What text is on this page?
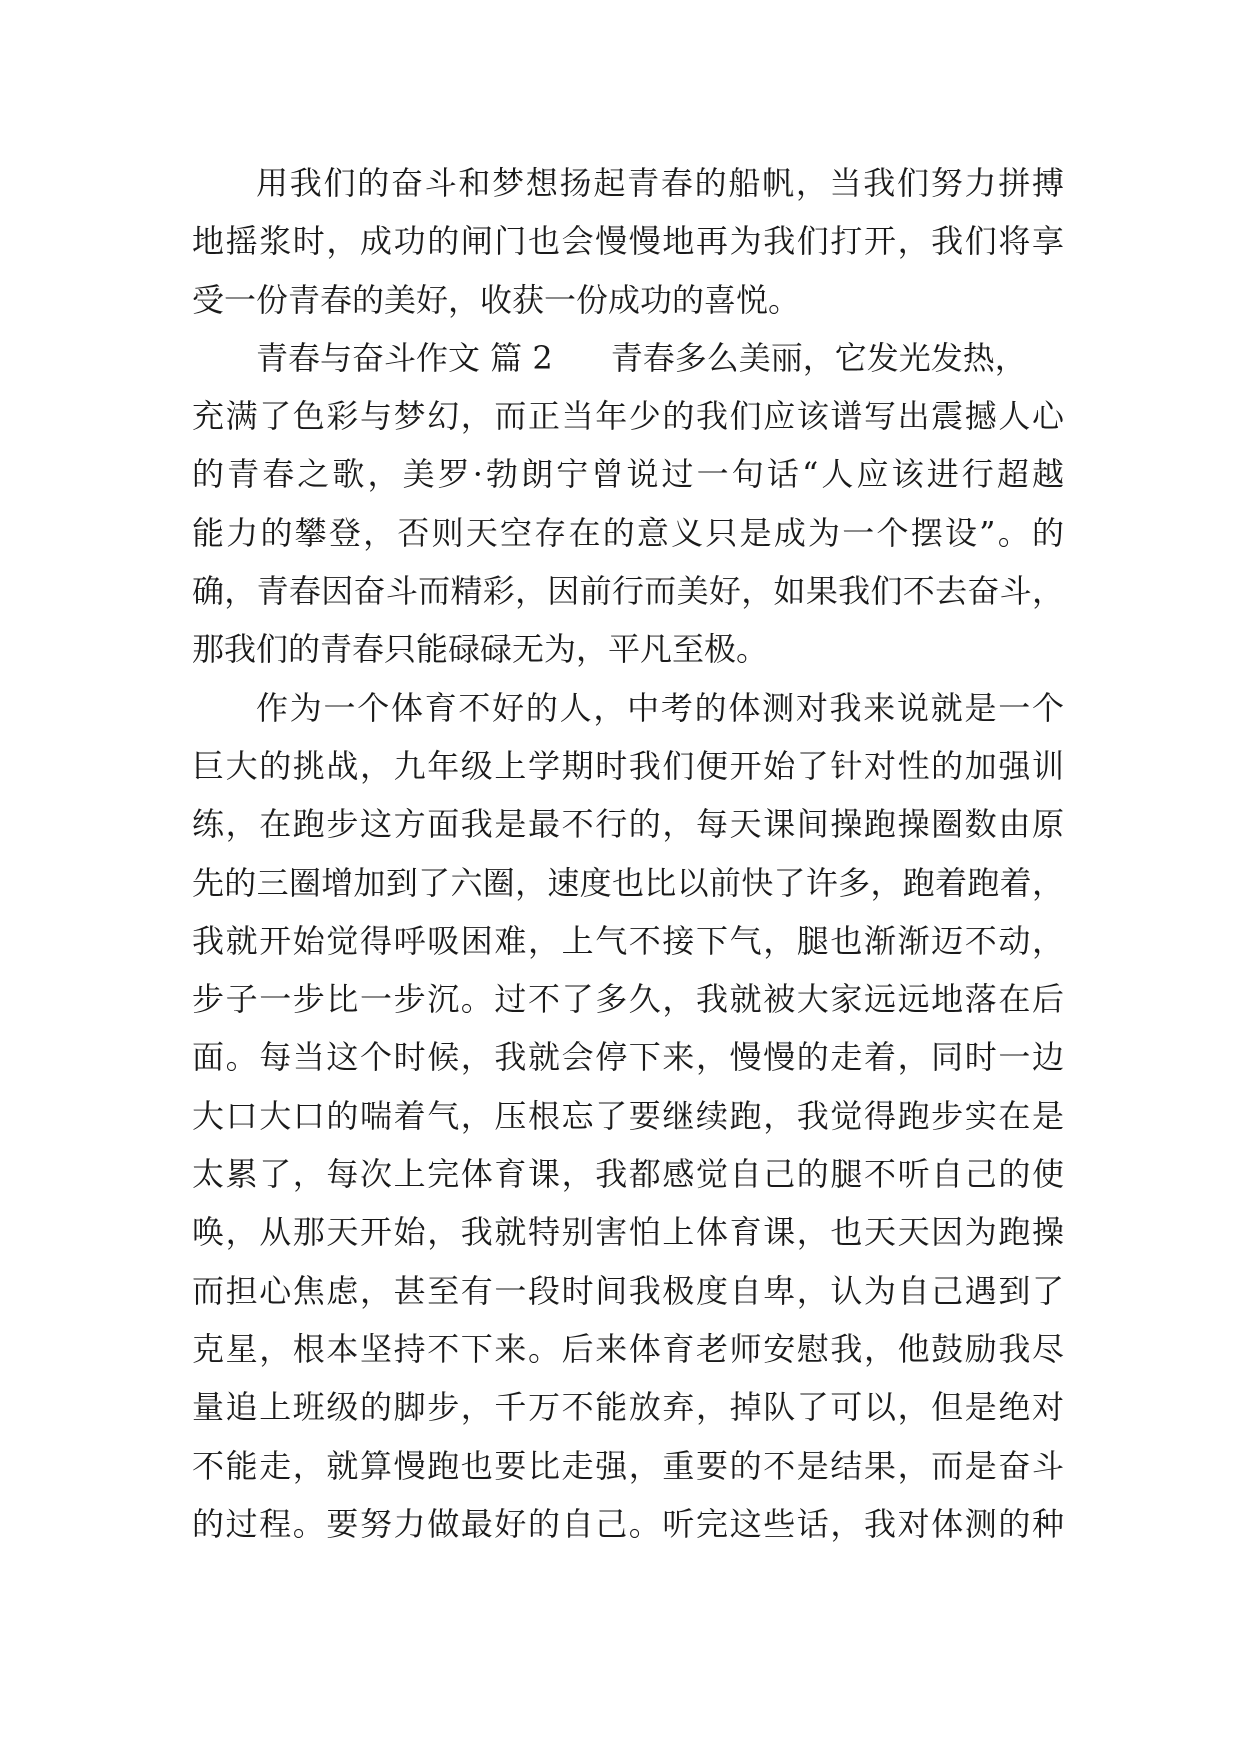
用我们的奋斗和梦想扬起青春的船帆，当我们努力拼搏
地摇浆时，成功的闸门也会慢慢地再为我们打开，我们将享
受一份青春的美好，收获一份成功的喜悦。
青春与奋斗作文 篇 2 青春多么美丽，它发光发热，
充满了色彩与梦幻，而正当年少的我们应该谱写出震撼人心
的青春之歌，美罗·勃朗宁曾说过一句话“人应该进行超越
能力的攀登，否则天空存在的意义只是成为一个摆设”。的
确，青春因奋斗而精彩，因前行而美好，如果我们不去奋斗，
那我们的青春只能碌碌无为，平凡至极。
作为一个体育不好的人，中考的体测对我来说就是一个
巨大的挑战，九年级上学期时我们便开始了针对性的加强训
练，在跑步这方面我是最不行的，每天课间操跑操圈数由原
先的三圈增加到了六圈，速度也比以前快了许多，跑着跑着，
我就开始觉得呼吸困难，上气不接下气，腿也渐渐迈不动，
步子一步比一步沉。过不了多久，我就被大家远远地落在后
面。每当这个时候，我就会停下来，慢慢的走着，同时一边
大口大口的喘着气，压根忘了要继续跑，我觉得跑步实在是
太累了，每次上完体育课，我都感觉自己的腿不听自己的使
唤，从那天开始，我就特别害怕上体育课，也天天因为跑操
而担心焦虑，甚至有一段时间我极度自卑，认为自己遇到了
克星，根本坚持不下来。后来体育老师安慰我，他鼓励我尽
量追上班级的脚步，千万不能放弃，掉队了可以，但是绝对
不能走，就算慢跑也要比走强，重要的不是结果，而是奋斗
的过程。要努力做最好的自己。听完这些话，我对体测的种
